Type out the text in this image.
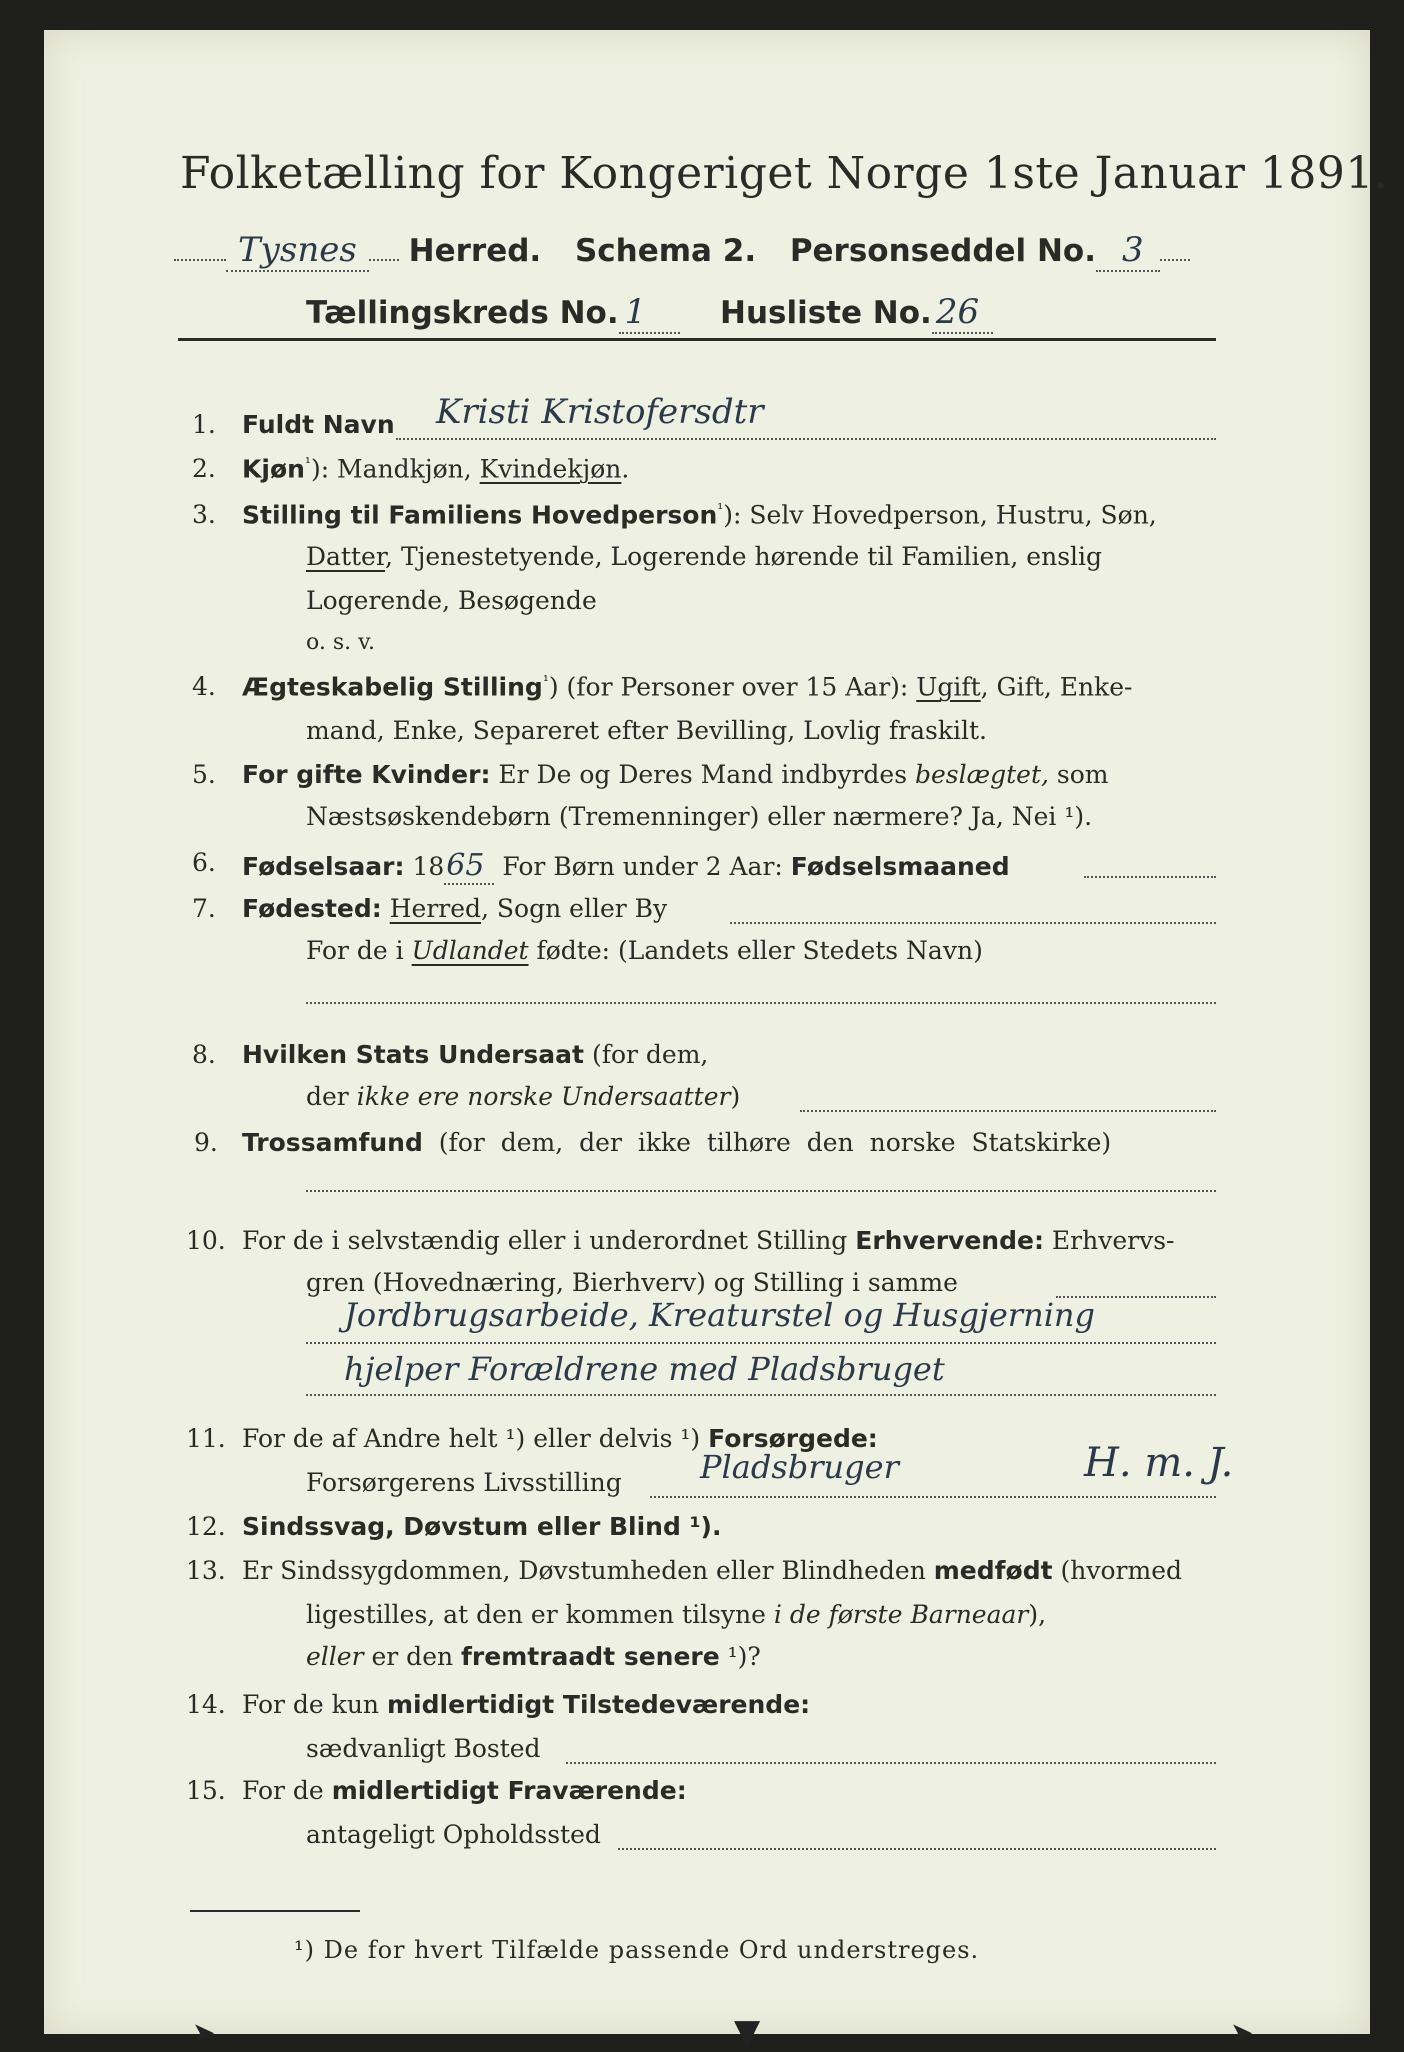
Folketælling for Kongeriget Norge 1ste Januar 1891.
Tysnes Herred. Schema 2. Personseddel No. 3
Tællingskreds No. 1 Husliste No. 26
1. Fuldt Navn Kristi Kristofersdtr
2. Kjøn$^{^1}$): Mandkjøn, Kvindekjøn.
3. Stilling til Familiens Hovedperson$^{^1}$): Selv Hovedperson, Hustru, Søn,
Datter, Tjenestetyende, Logerende hørende til Familien, enslig
Logerende, Besøgende
o. s. v.
4. Ægteskabelig Stilling$^{^1}$) (for Personer over 15 Aar): Ugift, Gift, Enke-
mand, Enke, Separeret efter Bevilling, Lovlig fraskilt.
5. For gifte Kvinder: Er De og Deres Mand indbyrdes beslægtet, som
Næstsøskendebørn (Tremenninger) eller nærmere? Ja, Nei ¹).
6. Fødselsaar: 1865 For Børn under 2 Aar: Fødselsmaaned
7. Fødested: Herred, Sogn eller By
For de i Udlandet fødte: (Landets eller Stedets Navn)
8. Hvilken Stats Undersaat (for dem,
der ikke ere norske Undersaatter)
9. Trossamfund (for dem, der ikke tilhøre den norske Statskirke)
10. For de i selvstændig eller i underordnet Stilling Erhvervende: Erhvervs-
gren (Hovednæring, Bierhverv) og Stilling i samme
Jordbrugsarbeide, Kreaturstel og Husgjerning
hjelper Forældrene med Pladsbruget
11. For de af Andre helt ¹) eller delvis ¹) Forsørgede:
Forsørgerens Livsstilling Pladsbruger	H. m. J.
12. Sindssvag, Døvstum eller Blind ¹).
13. Er Sindssygdommen, Døvstumheden eller Blindheden medfødt (hvormed
ligestilles, at den er kommen tilsyne i de første Barneaar),
eller er den fremtraadt senere ¹)?
14. For de kun midlertidigt Tilstedeværende:
sædvanligt Bosted
15. For de midlertidigt Fraværende:
antageligt Opholdssted
¹) De for hvert Tilfælde passende Ord understreges.
➤	▼	➤
